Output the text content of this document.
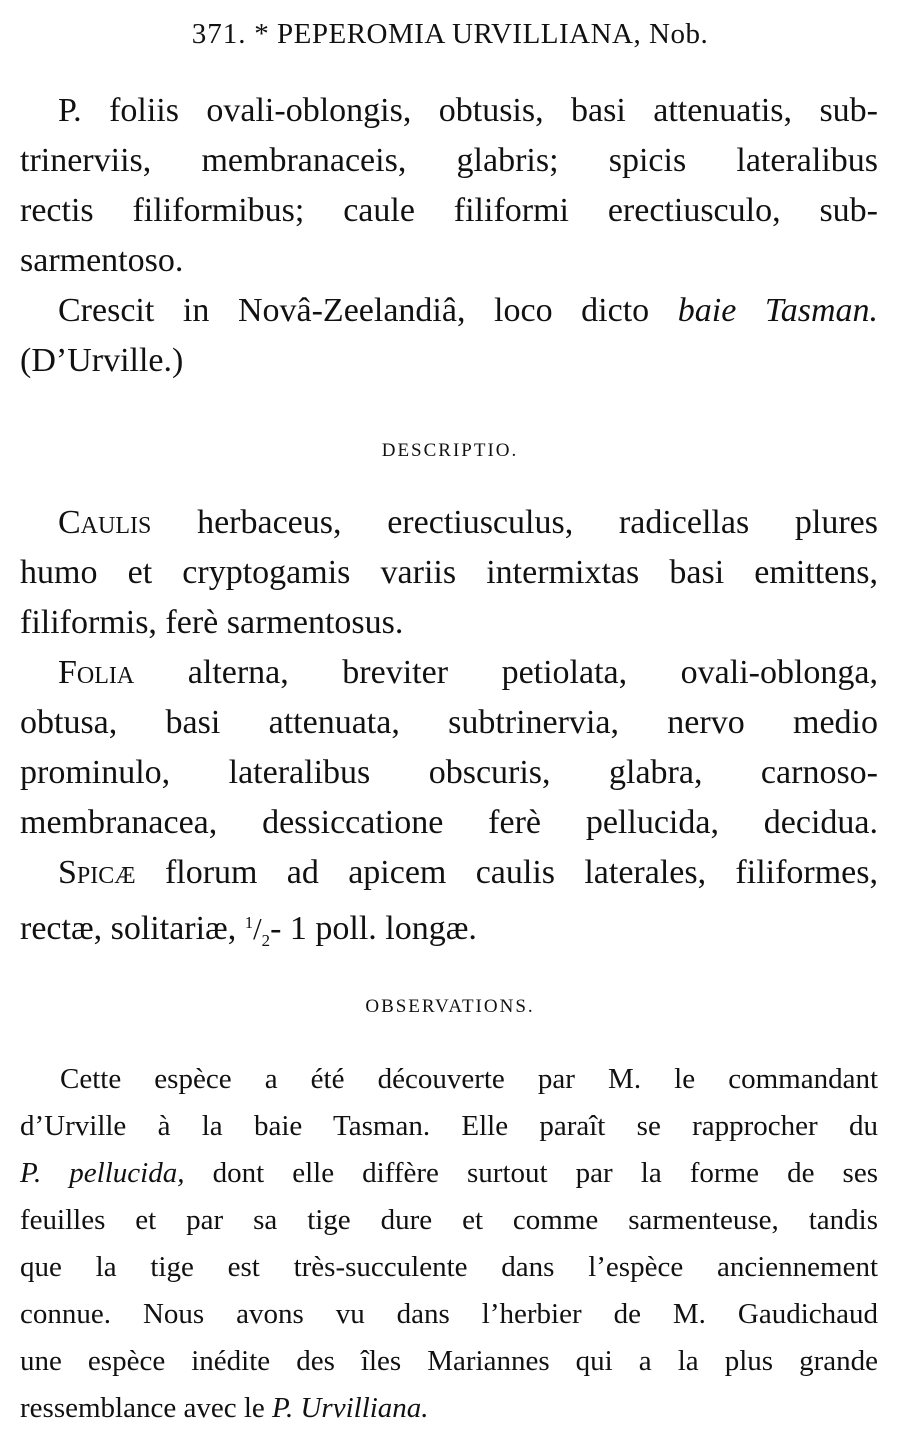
371. * PEPEROMIA URVILLIANA, Nob.
P. foliis ovali-oblongis, obtusis, basi attenuatis, sub-
trinerviis, membranaceis, glabris; spicis lateralibus
rectis filiformibus; caule filiformi erectiusculo, sub-
sarmentoso.
Crescit in Novâ-Zeelandiâ, loco dicto baie Tasman.
(D’Urville.)
DESCRIPTIO.
Caulis herbaceus, erectiusculus, radicellas plures
humo et cryptogamis variis intermixtas basi emittens,
filiformis, ferè sarmentosus.
Folia alterna, breviter petiolata, ovali-oblonga,
obtusa, basi attenuata, subtrinervia, nervo medio
prominulo, lateralibus obscuris, glabra, carnoso-
membranacea, dessiccatione ferè pellucida, decidua.
Spicæ florum ad apicem caulis laterales, filiformes,
rectæ, solitariæ, $^1/_2-$ 1 poll. longæ.
OBSERVATIONS.
Cette espèce a été découverte par M. le commandant
d’Urville à la baie Tasman. Elle paraît se rapprocher du
P. pellucida, dont elle diffère surtout par la forme de ses
feuilles et par sa tige dure et comme sarmenteuse, tandis
que la tige est très-succulente dans l’espèce anciennement
connue. Nous avons vu dans l’herbier de M. Gaudichaud
une espèce inédite des îles Mariannes qui a la plus grande
ressemblance avec le P. Urvilliana.
